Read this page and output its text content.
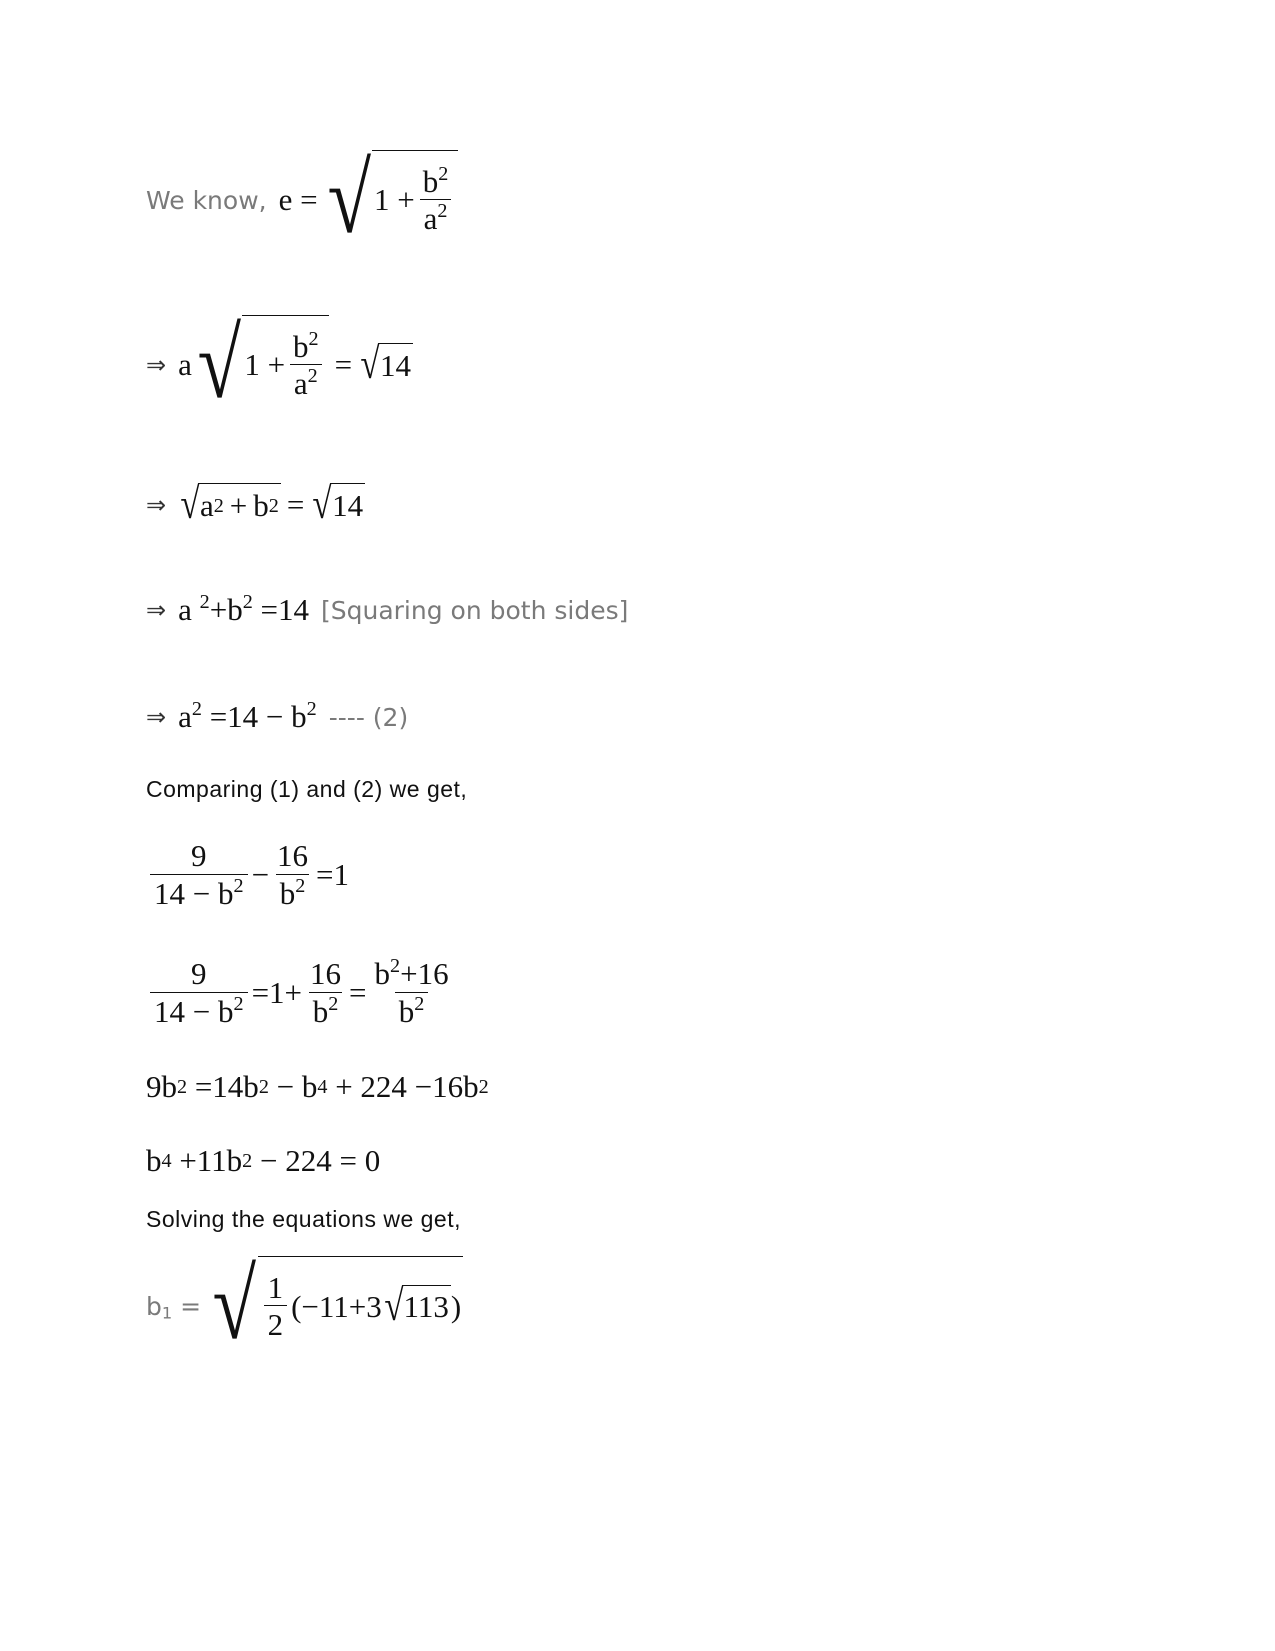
We know, e = √ $1 + \frac{b^2}{a^2}$
⇒ a √ $1 + \frac{b^2}{a^2}$ = √ 14
⇒ √ a 2 + b 2 = √ 14
⇒ a $^2+b^2 =14$ [Squaring on both sides]
⇒ $a^2 =14 - b^2$ ---- (2)
Comparing (1) and (2) we get,
$\frac{9}{14 - b^2} - \frac{16}{b^2} =1$
$\frac{9}{14 - b^2} =1+ \frac{16}{b^2} = \frac{b^2+16}{b^2}$
9b 2
=14b 2
− b 4
+ 224 −16b 2
b 4
+11b 2
− 224 = 0
Solving the equations we get,
$b_1$ = √ $\frac{1}{2} (-11+3$ √ 113 )
